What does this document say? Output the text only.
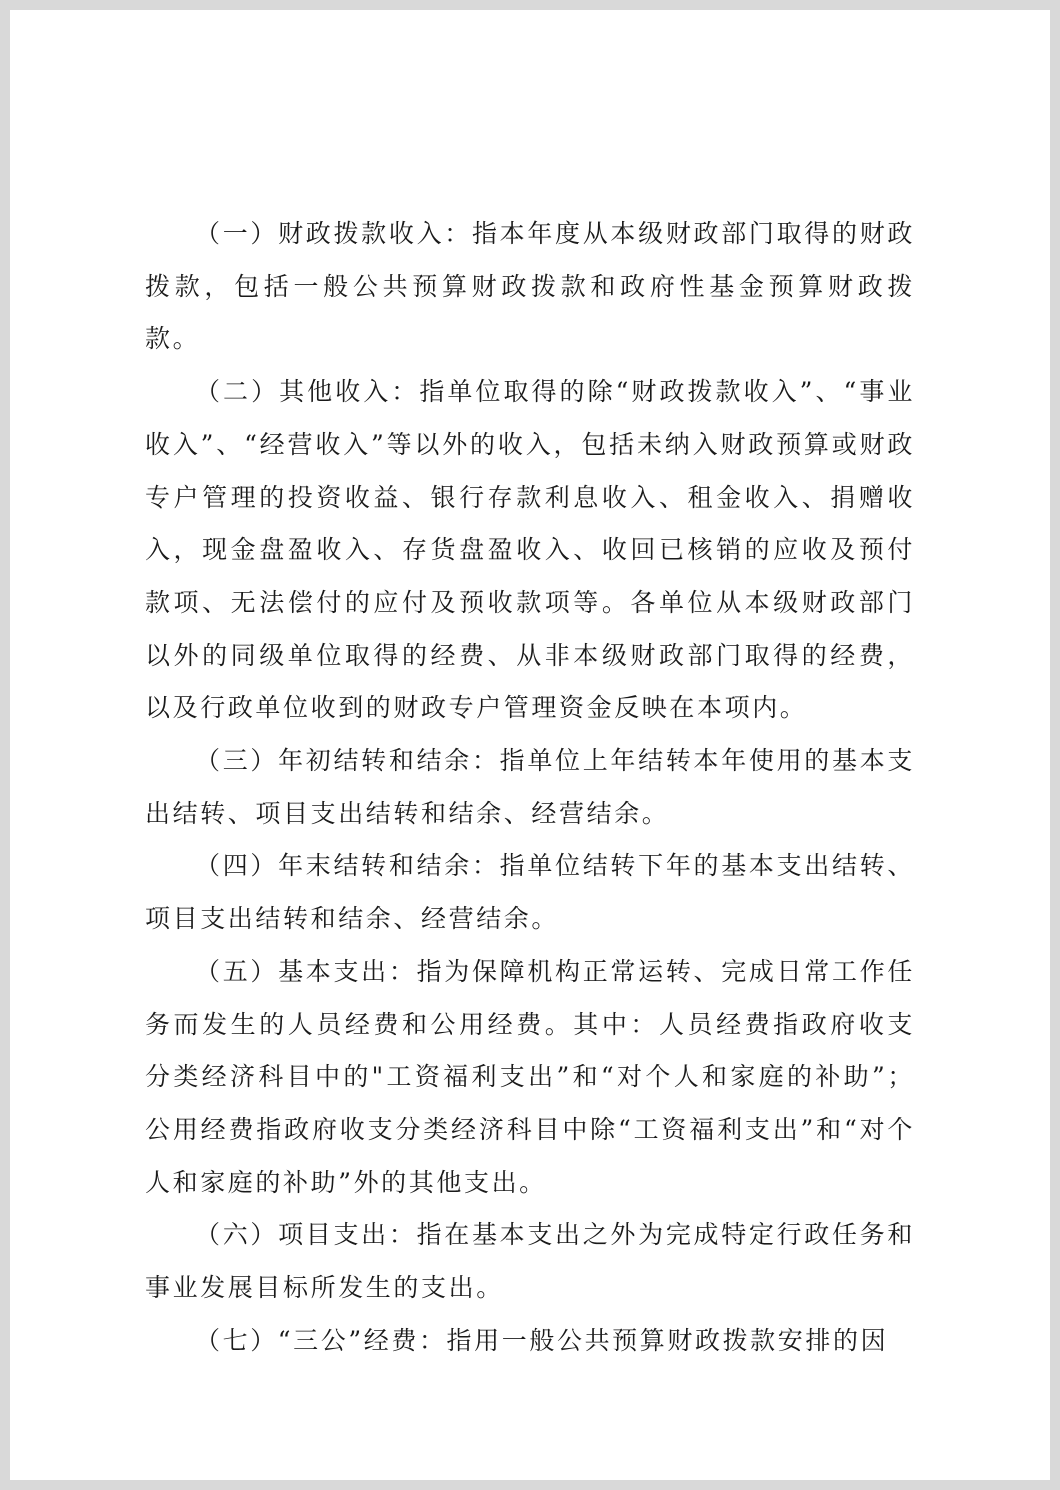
（一）财政拨款收入：指本年度从本级财政部门取得的财政拨款，包括一般公共预算财政拨款和政府性基金预算财政拨款。

（二）其他收入：指单位取得的除“财政拨款收入”、“事业收入”、“经营收入”等以外的收入，包括未纳入财政预算或财政专户管理的投资收益、银行存款利息收入、租金收入、捐赠收入，现金盘盈收入、存货盘盈收入、收回已核销的应收及预付款项、无法偿付的应付及预收款项等。各单位从本级财政部门以外的同级单位取得的经费、从非本级财政部门取得的经费，以及行政单位收到的财政专户管理资金反映在本项内。

（三）年初结转和结余：指单位上年结转本年使用的基本支出结转、项目支出结转和结余、经营结余。

（四）年末结转和结余：指单位结转下年的基本支出结转、项目支出结转和结余、经营结余。

（五）基本支出：指为保障机构正常运转、完成日常工作任务而发生的人员经费和公用经费。其中：人员经费指政府收支分类经济科目中的"工资福利支出”和“对个人和家庭的补助”；公用经费指政府收支分类经济科目中除“工资福利支出”和“对个人和家庭的补助”外的其他支出。

（六）项目支出：指在基本支出之外为完成特定行政任务和事业发展目标所发生的支出。

（七）“三公”经费：指用一般公共预算财政拨款安排的因
